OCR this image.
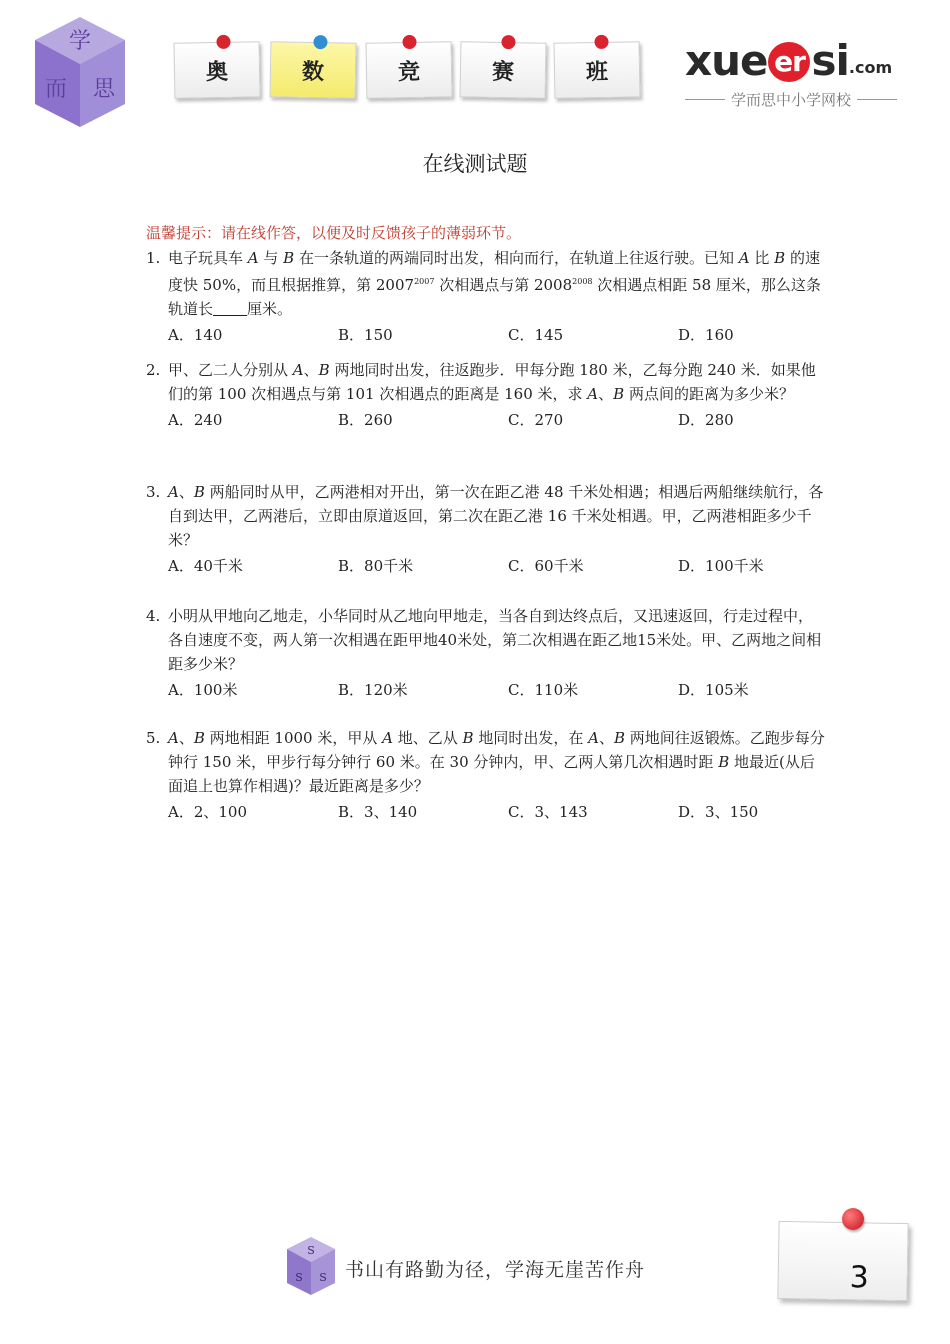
学
而 思
奥	数	竞	赛	班 xue er si.com
学而思中小学网校
在线测试题
温馨提示：请在线作答，以便及时反馈孩子的薄弱环节。
1. 电子玩具车 A 与 B 在一条轨道的两端同时出发，相向而行，在轨道上往返行驶。已知 A 比 B 的速度快 50%，而且根据推算，第 $2007^{2007}$ 次相遇点与第 $2008^{2008}$ 次相遇点相距 58 厘米，那么这条轨道长 厘米。
A．140	B．150	C．145	D．160
2. 甲、乙二人分别从 A、B 两地同时出发，往返跑步．甲每分跑 180 米，乙每分跑 240 米．如果他们的第 100 次相遇点与第 101 次相遇点的距离是 160 米，求 A、B 两点间的距离为多少米？
A．240	B．260	C．270	D．280
3. A、B 两船同时从甲，乙两港相对开出，第一次在距乙港 48 千米处相遇；相遇后两船继续航行，各自到达甲，乙两港后，立即由原道返回，第二次在距乙港 16 千米处相遇。甲，乙两港相距多少千米？
A．40千米	B．80千米	C．60千米	D．100千米
4. 小明从甲地向乙地走，小华同时从乙地向甲地走，当各自到达终点后，又迅速返回，行走过程中，各自速度不变，两人第一次相遇在距甲地40米处，第二次相遇在距乙地15米处。甲、乙两地之间相距多少米？
A．100米	B．120米	C．110米	D．105米
5. A、B 两地相距 1000 米，甲从 A 地、乙从 B 地同时出发，在 A、B 两地间往返锻炼。乙跑步每分钟行 150 米，甲步行每分钟行 60 米。在 30 分钟内，甲、乙两人第几次相遇时距 B 地最近(从后面追上也算作相遇)？最近距离是多少？
A．2、100	B．3、140	C．3、143	D．3、150
S
S S 书山有路勤为径，学海无崖苦作舟	3
